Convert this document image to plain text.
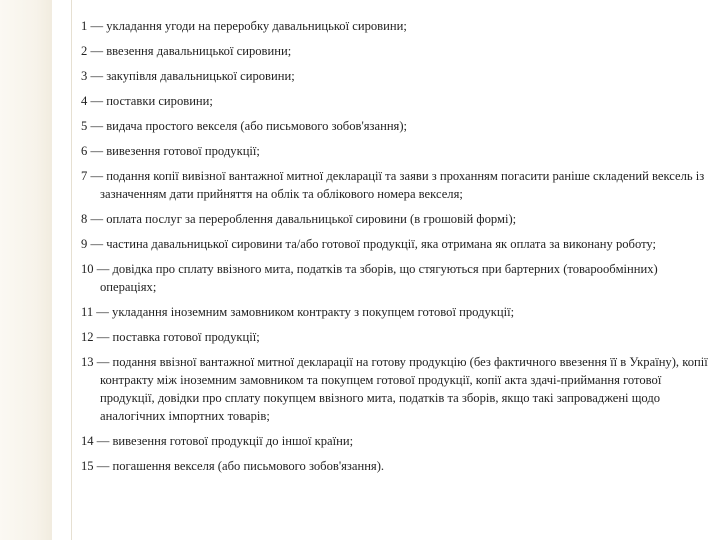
1 — укладання угоди на переробку давальницької сировини;
2 — ввезення давальницької сировини;
3 — закупівля давальницької сировини;
4 — поставки сировини;
5 — видача простого векселя (або письмового зобов'язання);
6 — вивезення готової продукції;
7 — подання копії вивізної вантажної митної декларації та заяви з проханням погасити раніше складений вексель із зазначенням дати прийняття на облік та облікового номера векселя;
8 — оплата послуг за перероблення давальницької сировини (в грошовій формі);
9 — частина давальницької сировини та/або готової продукції, яка отримана як оплата за виконану роботу;
10 — довідка про сплату ввізного мита, податків та зборів, що стягуються при бартерних (товарообмінних) операціях;
11 — укладання іноземним замовником контракту з покупцем готової продукції;
12 — поставка готової продукції;
13 — подання ввізної вантажної митної декларації на готову продукцію (без фактичного ввезення її в Україну), копії контракту між іноземним замовником та покупцем готової продукції, копії акта здачі-приймання готової продукції, довідки про сплату покупцем ввізного мита, податків та зборів, якщо такі запроваджені щодо аналогічних імпортних товарів;
14 — вивезення готової продукції до іншої країни;
15 — погашення векселя (або письмового зобов'язання).
